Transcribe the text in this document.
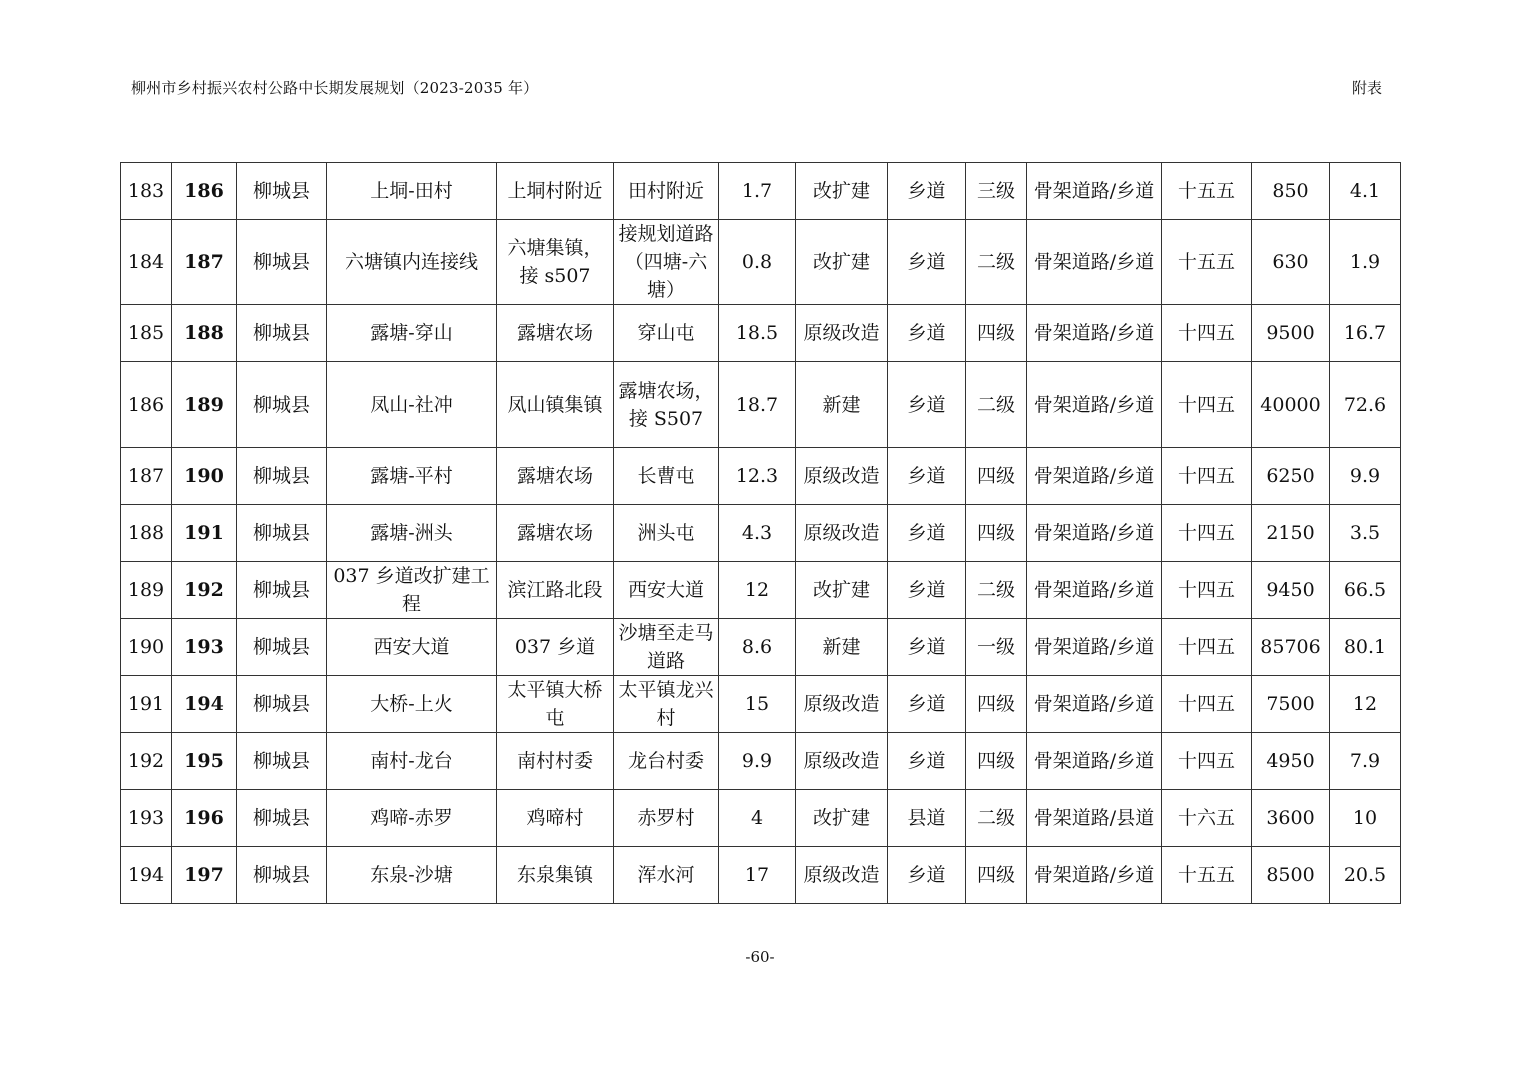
柳州市乡村振兴农村公路中长期发展规划（2023-2035 年）	附表
183	186	柳城县	上垌-田村	上垌村附近	田村附近	1.7	改扩建	乡道	三级	骨架道路/乡道	十五五	850	4.1
184	187	柳城县	六塘镇内连接线	六塘集镇，接 s507	接规划道路（四塘-六塘）	0.8	改扩建	乡道	二级	骨架道路/乡道	十五五	630	1.9
185	188	柳城县	露塘-穿山	露塘农场	穿山屯	18.5	原级改造	乡道	四级	骨架道路/乡道	十四五	9500	16.7
186	189	柳城县	凤山-社冲	凤山镇集镇	露塘农场，接 S507	18.7	新建	乡道	二级	骨架道路/乡道	十四五	40000	72.6
187	190	柳城县	露塘-平村	露塘农场	长曹屯	12.3	原级改造	乡道	四级	骨架道路/乡道	十四五	6250	9.9
188	191	柳城县	露塘-洲头	露塘农场	洲头屯	4.3	原级改造	乡道	四级	骨架道路/乡道	十四五	2150	3.5
189	192	柳城县	037 乡道改扩建工程	滨江路北段	西安大道	12	改扩建	乡道	二级	骨架道路/乡道	十四五	9450	66.5
190	193	柳城县	西安大道	037 乡道	沙塘至走马道路	8.6	新建	乡道	一级	骨架道路/乡道	十四五	85706	80.1
191	194	柳城县	大桥-上火	太平镇大桥屯	太平镇龙兴村	15	原级改造	乡道	四级	骨架道路/乡道	十四五	7500	12
192	195	柳城县	南村-龙台	南村村委	龙台村委	9.9	原级改造	乡道	四级	骨架道路/乡道	十四五	4950	7.9
193	196	柳城县	鸡啼-赤罗	鸡啼村	赤罗村	4	改扩建	县道	二级	骨架道路/县道	十六五	3600	10
194	197	柳城县	东泉-沙塘	东泉集镇	浑水河	17	原级改造	乡道	四级	骨架道路/乡道	十五五	8500	20.5
-60-
